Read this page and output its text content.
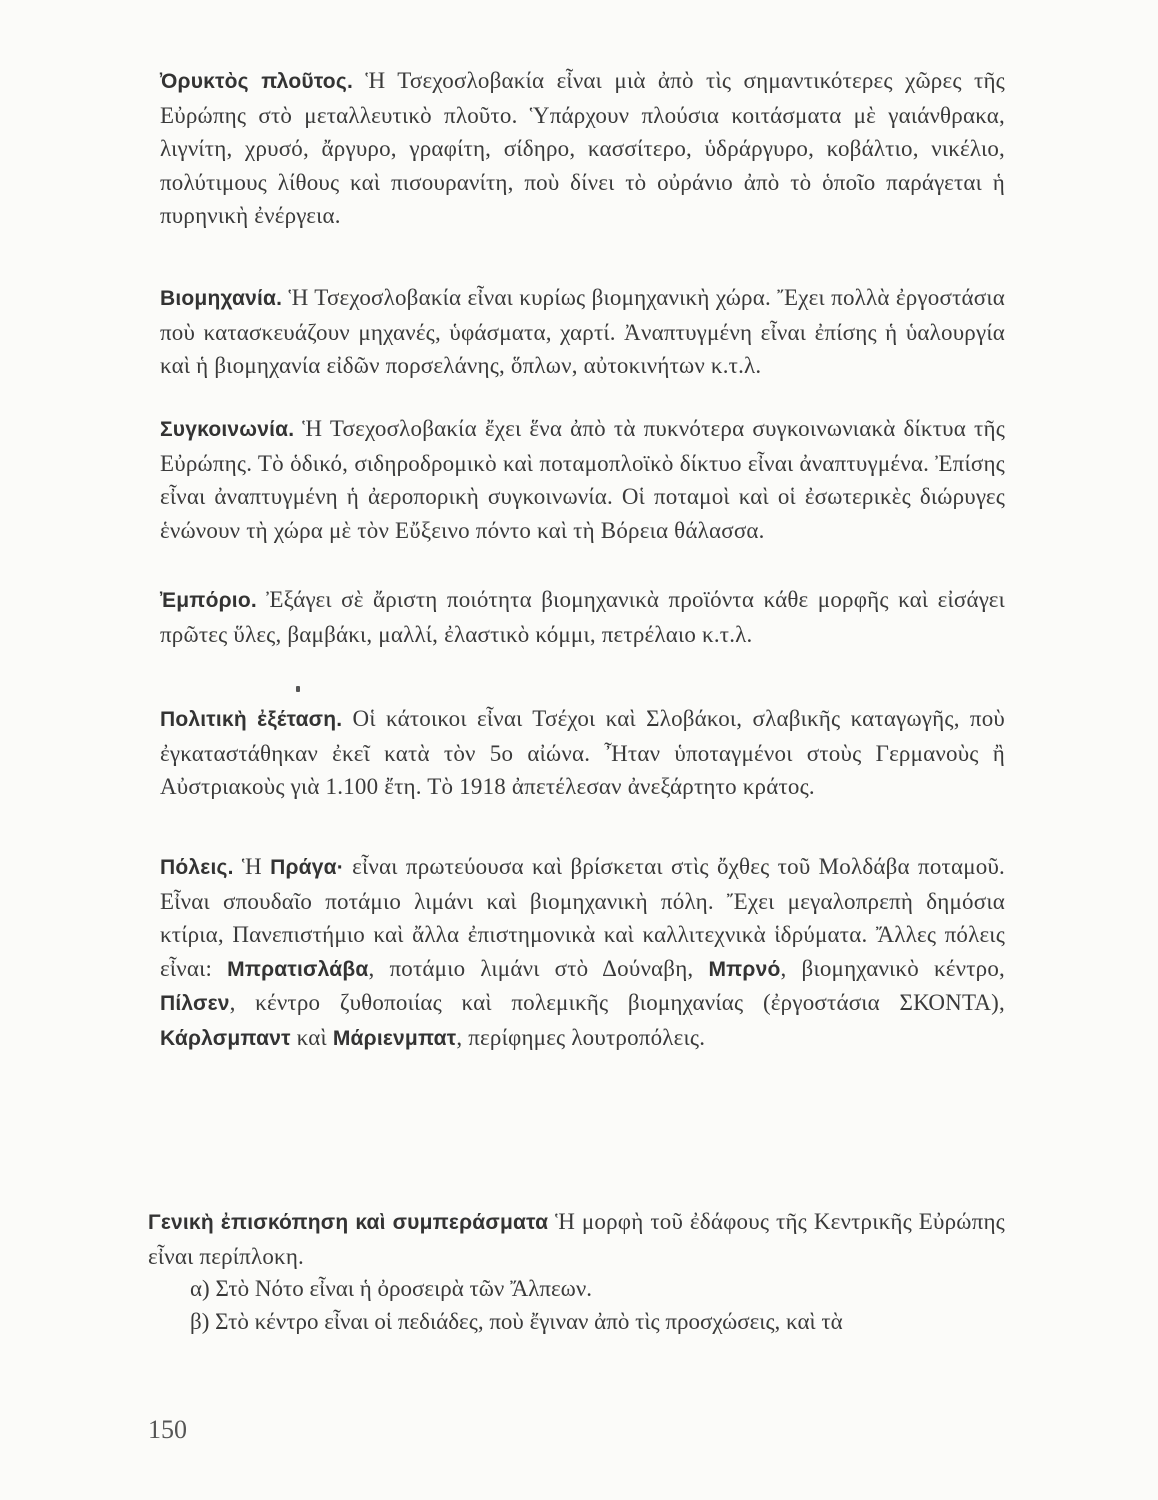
Ὀρυκτὸς πλοῦτος. Ἡ Τσεχοσλοβακία εἶναι μιὰ ἀπὸ τὶς σημαντικότερες χῶρες τῆς Εὐρώπης στὸ μεταλλευτικὸ πλοῦτο. Ὑπάρχουν πλούσια κοιτάσματα μὲ γαιάνθρακα, λιγνίτη, χρυσό, ἄργυρο, γραφίτη, σίδηρο, κασσίτερο, ὑδράργυρο, κοβάλτιο, νικέλιο, πολύτιμους λίθους καὶ πισουρανίτη, ποὺ δίνει τὸ οὐράνιο ἀπὸ τὸ ὁποῖο παράγεται ἡ πυρηνικὴ ἐνέργεια.

Βιομηχανία. Ἡ Τσεχοσλοβακία εἶναι κυρίως βιομηχανικὴ χώρα. Ἔχει πολλὰ ἐργοστάσια ποὺ κατασκευάζουν μηχανές, ὑφάσματα, χαρτί. Ἀναπτυγμένη εἶναι ἐπίσης ἡ ὑαλουργία καὶ ἡ βιομηχανία εἰδῶν πορσελάνης, ὅπλων, αὐτοκινήτων κ.τ.λ.

Συγκοινωνία. Ἡ Τσεχοσλοβακία ἔχει ἕνα ἀπὸ τὰ πυκνότερα συγκοινωνιακὰ δίκτυα τῆς Εὐρώπης. Τὸ ὁδικό, σιδηροδρομικὸ καὶ ποταμοπλοϊκὸ δίκτυο εἶναι ἀναπτυγμένα. Ἐπίσης εἶναι ἀναπτυγμένη ἡ ἀεροπορικὴ συγκοινωνία. Οἱ ποταμοὶ καὶ οἱ ἐσωτερικὲς διώρυγες ἑνώνουν τὴ χώρα μὲ τὸν Εὔξεινο πόντο καὶ τὴ Βόρεια θάλασσα.

Ἐμπόριο. Ἐξάγει σὲ ἄριστη ποιότητα βιομηχανικὰ προϊόντα κάθε μορφῆς καὶ εἰσάγει πρῶτες ὕλες, βαμβάκι, μαλλί, ἐλαστικὸ κόμμι, πετρέλαιο κ.τ.λ.

Πολιτικὴ ἐξέταση. Οἱ κάτοικοι εἶναι Τσέχοι καὶ Σλοβάκοι, σλαβικῆς καταγωγῆς, ποὺ ἐγκαταστάθηκαν ἐκεῖ κατὰ τὸν 5ο αἰώνα. Ἦταν ὑποταγμένοι στοὺς Γερμανοὺς ἢ Αὐστριακοὺς γιὰ 1.100 ἔτη. Τὸ 1918 ἀπετέλεσαν ἀνεξάρτητο κράτος.

Πόλεις. Ἡ Πράγα· εἶναι πρωτεύουσα καὶ βρίσκεται στὶς ὄχθες τοῦ Μολδάβα ποταμοῦ. Εἶναι σπουδαῖο ποτάμιο λιμάνι καὶ βιομηχανικὴ πόλη. Ἔχει μεγαλοπρεπὴ δημόσια κτίρια, Πανεπιστήμιο καὶ ἄλλα ἐπιστημονικὰ καὶ καλλιτεχνικὰ ἱδρύματα. Ἄλλες πόλεις εἶναι: Μπρατισλάβα, ποτάμιο λιμάνι στὸ Δούναβη, Μπρνό, βιομηχανικὸ κέντρο, Πίλσεν, κέντρο ζυθοποιίας καὶ πολεμικῆς βιομηχανίας (ἐργοστάσια ΣΚΟΝΤΑ), Κάρλσμπαντ καὶ Μάριενμπατ, περίφημες λουτροπόλεις.

Γενικὴ ἐπισκόπηση καὶ συμπεράσματα Ἡ μορφὴ τοῦ ἐδάφους τῆς Κεντρικῆς Εὐρώπης εἶναι περίπλοκη.

α) Στὸ Νότο εἶναι ἡ ὀροσειρὰ τῶν Ἄλπεων.

β) Στὸ κέντρο εἶναι οἱ πεδιάδες, ποὺ ἔγιναν ἀπὸ τὶς προσχώσεις, καὶ τὰ

150
